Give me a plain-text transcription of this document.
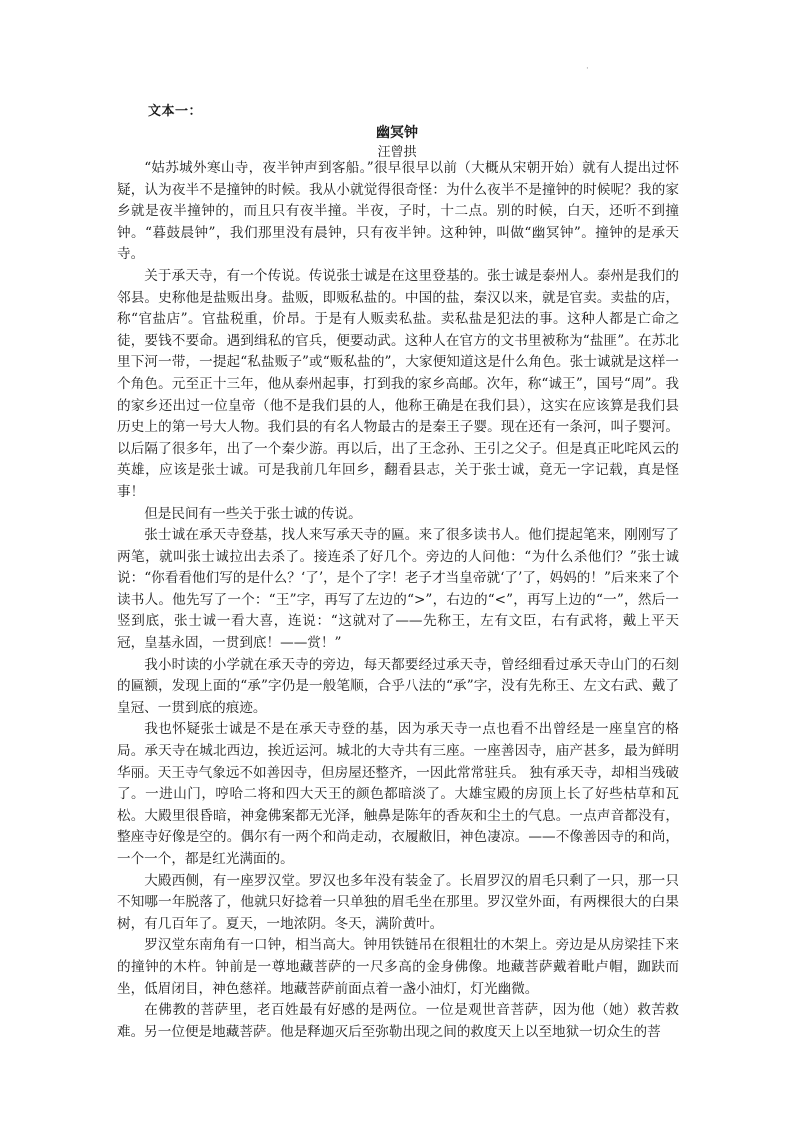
·
文本一：
幽冥钟
汪曾拱

“姑苏城外寒山寺，夜半钟声到客船。”很早很早以前（大概从宋朝开始）就有人提出过怀疑，认为夜半不是撞钟的时候。我从小就觉得很奇怪：为什么夜半不是撞钟的时候呢？我的家乡就是夜半撞钟的，而且只有夜半撞。半夜，子时，十二点。别的时候，白天，还听不到撞钟。“暮鼓晨钟”，我们那里没有晨钟，只有夜半钟。这种钟，叫做“幽冥钟”。撞钟的是承天寺。

关于承天寺，有一个传说。传说张士诚是在这里登基的。张士诚是泰州人。泰州是我们的邻县。史称他是盐贩出身。盐贩，即贩私盐的。中国的盐，秦汉以来，就是官卖。卖盐的店，称“官盐店”。官盐税重，价昂。于是有人贩卖私盐。卖私盐是犯法的事。这种人都是亡命之徒，要钱不要命。遇到缉私的官兵，便要动武。这种人在官方的文书里被称为“盐匪”。在苏北里下河一带，一提起“私盐贩子”或“贩私盐的”，大家便知道这是什么角色。张士诚就是这样一个角色。元至正十三年，他从泰州起事，打到我的家乡高邮。次年，称“诚王”，国号“周”。我的家乡还出过一位皇帝（他不是我们县的人，他称王确是在我们县），这实在应该算是我们县历史上的第一号大人物。我们县的有名人物最古的是秦王子婴。现在还有一条河，叫子婴河。以后隔了很多年，出了一个秦少游。再以后，出了王念孙、王引之父子。但是真正叱咤风云的英雄，应该是张士诚。可是我前几年回乡，翻看县志，关于张士诚，竟无一字记载，真是怪事！

但是民间有一些关于张士诚的传说。

张士诚在承天寺登基，找人来写承天寺的匾。来了很多读书人。他们提起笔来，刚刚写了两笔，就叫张士诚拉出去杀了。接连杀了好几个。旁边的人问他：“为什么杀他们？”张士诚说：“你看看他们写的是什么？‘了’，是个了字！老子才当皇帝就‘了’了，妈妈的！”后来来了个读书人。他先写了一个：“王”字，再写了左边的“>”，右边的“<”，再写上边的“一”，然后一竖到底，张士诚一看大喜，连说：“这就对了——先称王，左有文臣，右有武将，戴上平天冠，皇基永固，一贯到底！——赏！”

我小时读的小学就在承天寺的旁边，每天都要经过承天寺，曾经细看过承天寺山门的石刻的匾额，发现上面的“承”字仍是一般笔顺，合乎八法的“承”字，没有先称王、左文右武、戴了皇冠、一贯到底的痕迹。

我也怀疑张士诚是不是在承天寺登的基，因为承天寺一点也看不出曾经是一座皇宫的格局。承天寺在城北西边，挨近运河。城北的大寺共有三座。一座善因寺，庙产甚多，最为鲜明华丽。天王寺气象远不如善因寺，但房屋还整齐，一因此常常驻兵。 独有承天寺，却相当残破了。一进山门，哼哈二将和四大天王的颜色都暗淡了。大雄宝殿的房顶上长了好些枯草和瓦松。大殿里很昏暗，神龛佛案都无光泽，触鼻是陈年的香灰和尘土的气息。一点声音都没有，整座寺好像是空的。偶尔有一两个和尚走动，衣履敝旧，神色凄凉。——不像善因寺的和尚，一个一个，都是红光满面的。

大殿西侧，有一座罗汉堂。罗汉也多年没有装金了。长眉罗汉的眉毛只剩了一只，那一只不知哪一年脱落了，他就只好捻着一只单独的眉毛坐在那里。罗汉堂外面，有两棵很大的白果树，有几百年了。夏天，一地浓阴。冬天，满阶黄叶。

罗汉堂东南角有一口钟，相当高大。钟用铁链吊在很粗壮的木架上。旁边是从房梁挂下来的撞钟的木杵。钟前是一尊地藏菩萨的一尺多高的金身佛像。地藏菩萨戴着毗卢帽，跏趺而坐，低眉闭目，神色慈祥。地藏菩萨前面点着一盏小油灯，灯光幽微。

在佛教的菩萨里，老百姓最有好感的是两位。一位是观世音菩萨，因为他（她）救苦救难。另一位便是地藏菩萨。他是释迦灭后至弥勒出现之间的救度天上以至地狱一切众生的菩
